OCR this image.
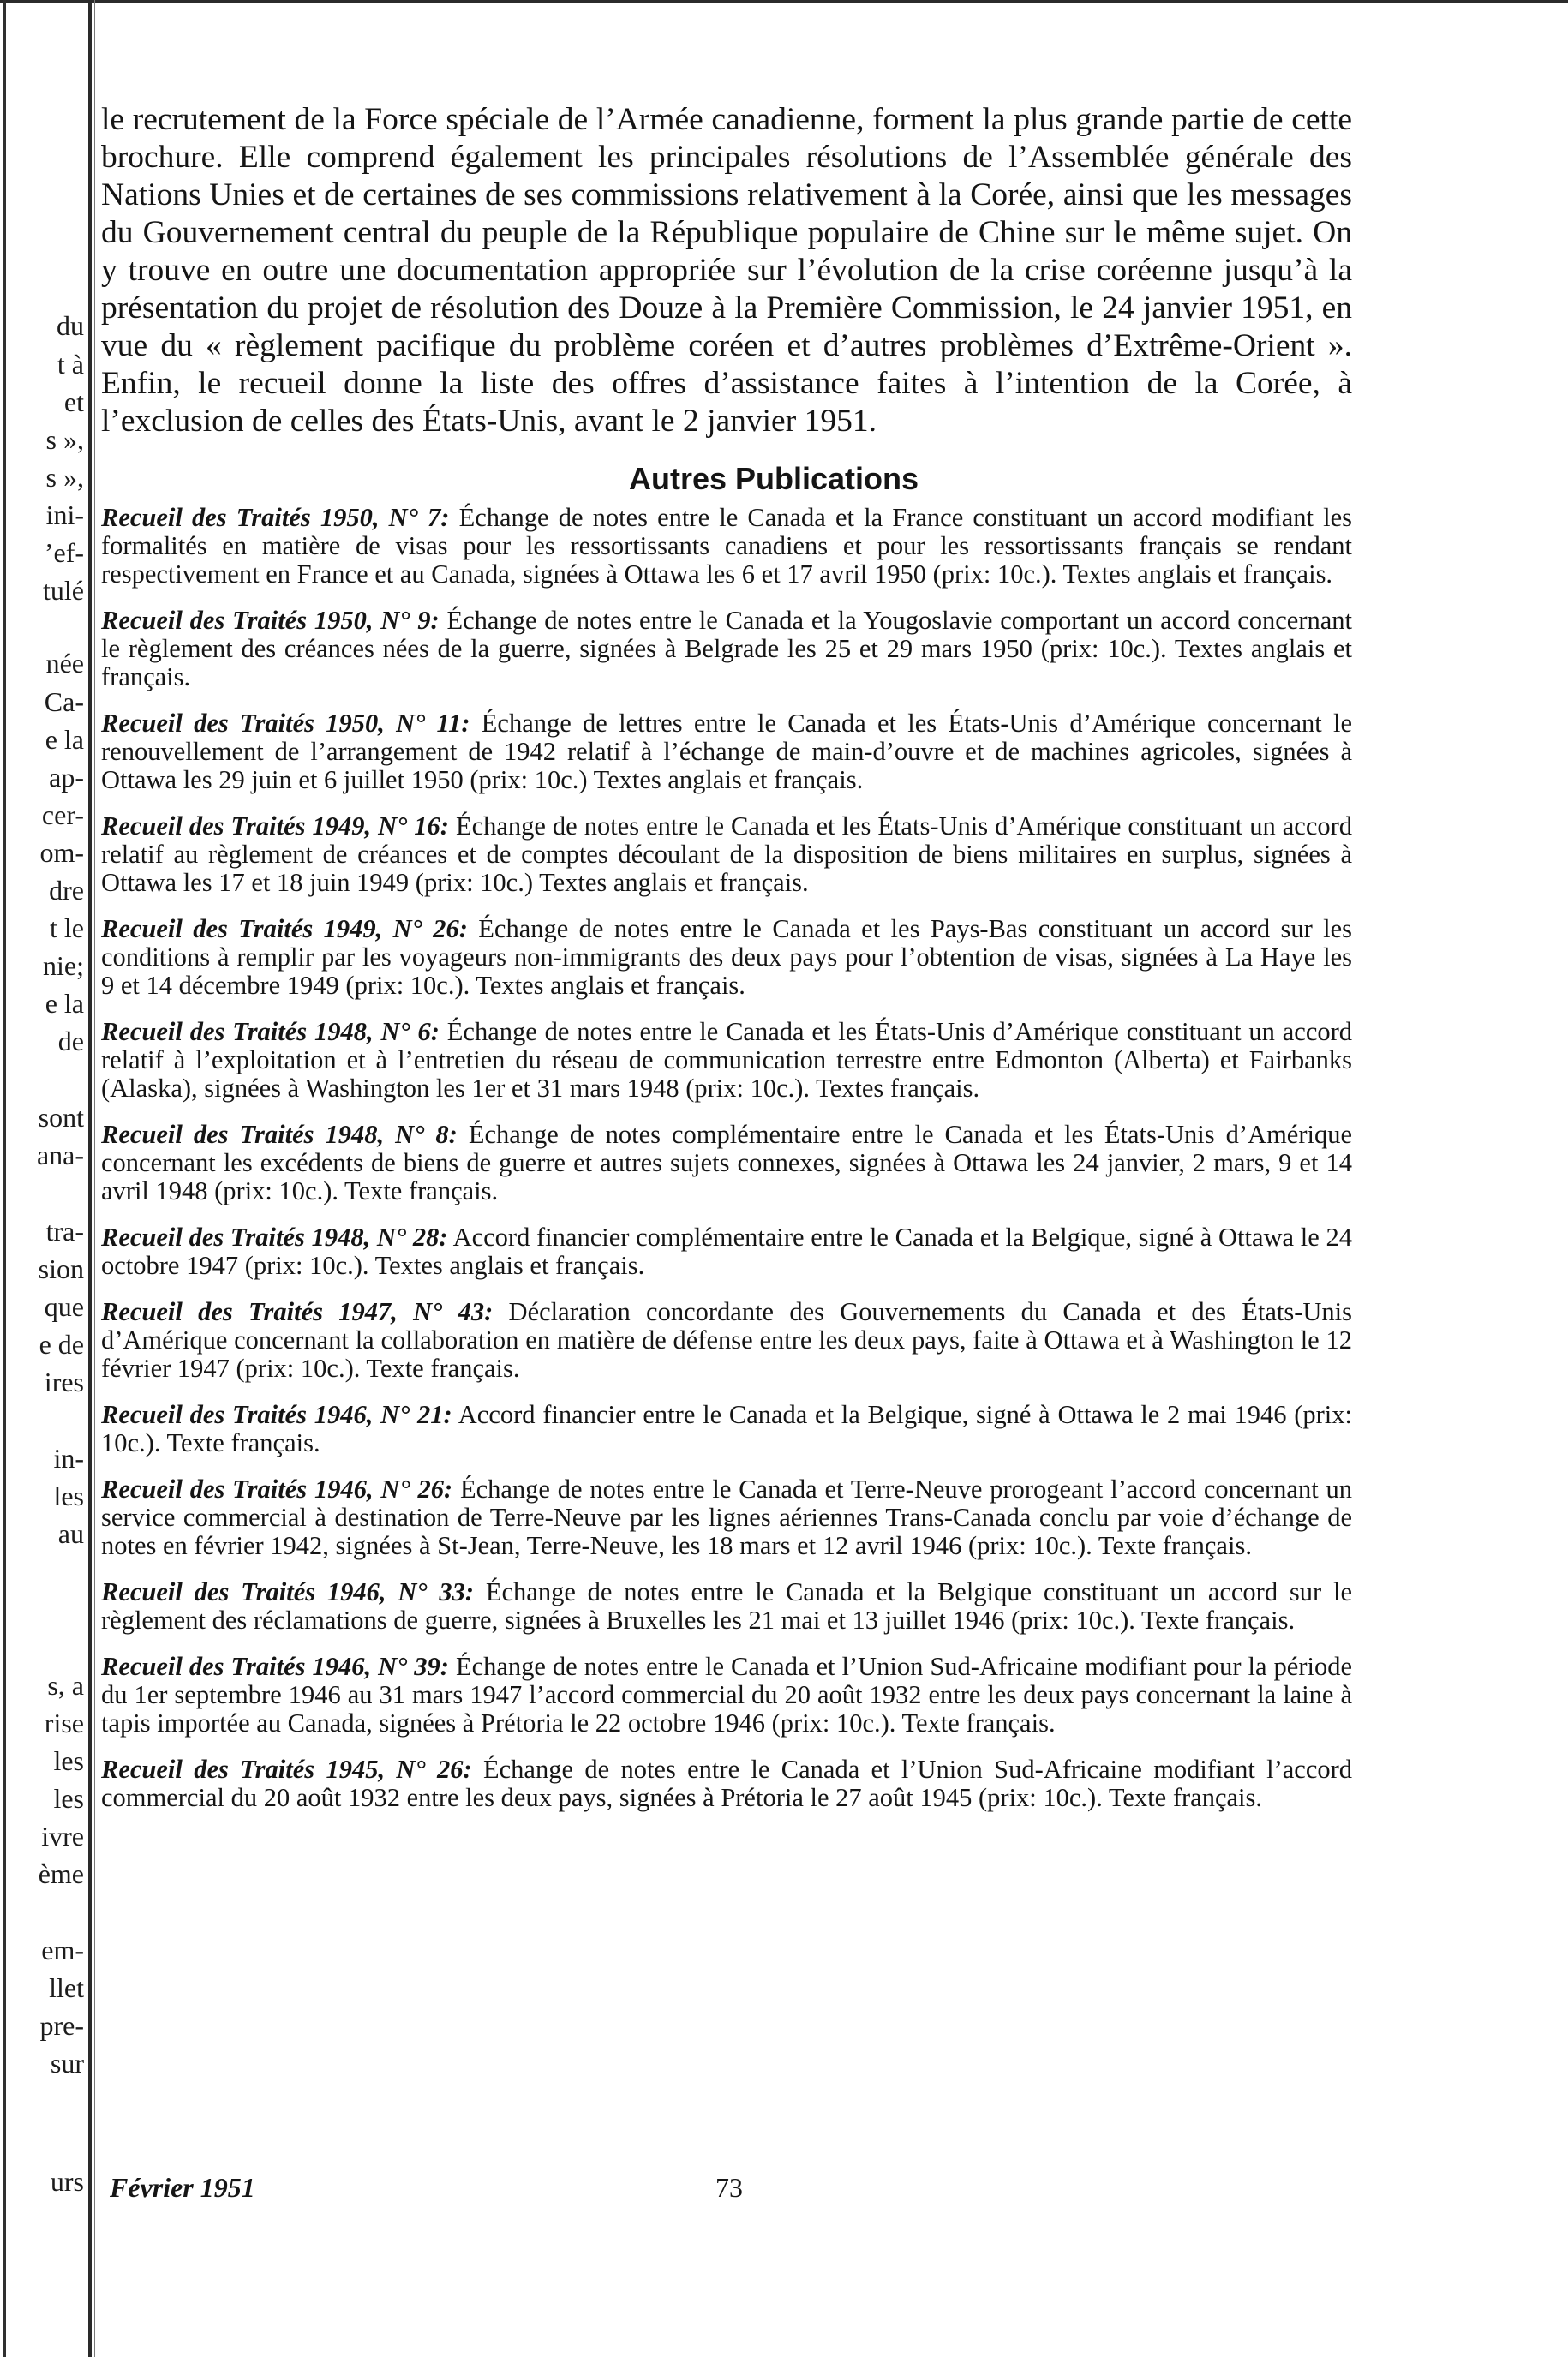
du
t à
et
s »,
s »,
ini-
’ef-
tulé
née
Ca-
e la
ap-
cer-
om-
dre
t le
nie;
e la
de
sont
ana-
tra-
sion
que
e de
ires
in-
les
au
s, a
rise
les
les
ivre
ème
em-
llet
pre-
sur
urs

le recrutement de la Force spéciale de l’Armée canadienne, forment la plus grande partie de cette brochure. Elle comprend également les principales résolutions de l’Assemblée générale des Nations Unies et de certaines de ses commissions relativement à la Corée, ainsi que les messages du Gouvernement central du peuple de la République populaire de Chine sur le même sujet. On y trouve en outre une documentation appropriée sur l’évolution de la crise coréenne jusqu’à la présentation du projet de résolution des Douze à la Première Commission, le 24 janvier 1951, en vue du « règlement pacifique du problème coréen et d’autres problèmes d’Extrême-Orient ». Enfin, le recueil donne la liste des offres d’assistance faites à l’intention de la Corée, à l’exclusion de celles des États-Unis, avant le 2 janvier 1951.

Autres Publications

Recueil des Traités 1950, N° 7: Échange de notes entre le Canada et la France constituant un accord modifiant les formalités en matière de visas pour les ressortissants canadiens et pour les ressortissants français se rendant respectivement en France et au Canada, signées à Ottawa les 6 et 17 avril 1950 (prix: 10c.). Textes anglais et français.

Recueil des Traités 1950, N° 9: Échange de notes entre le Canada et la Yougoslavie comportant un accord concernant le règlement des créances nées de la guerre, signées à Belgrade les 25 et 29 mars 1950 (prix: 10c.). Textes anglais et français.

Recueil des Traités 1950, N° 11: Échange de lettres entre le Canada et les États-Unis d’Amérique concernant le renouvellement de l’arrangement de 1942 relatif à l’échange de main-d’ouvre et de machines agricoles, signées à Ottawa les 29 juin et 6 juillet 1950 (prix: 10c.) Textes anglais et français.

Recueil des Traités 1949, N° 16: Échange de notes entre le Canada et les États-Unis d’Amérique constituant un accord relatif au règlement de créances et de comptes découlant de la disposition de biens militaires en surplus, signées à Ottawa les 17 et 18 juin 1949 (prix: 10c.) Textes anglais et français.

Recueil des Traités 1949, N° 26: Échange de notes entre le Canada et les Pays-Bas constituant un accord sur les conditions à remplir par les voyageurs non-immigrants des deux pays pour l’obtention de visas, signées à La Haye les 9 et 14 décembre 1949 (prix: 10c.). Textes anglais et français.

Recueil des Traités 1948, N° 6: Échange de notes entre le Canada et les États-Unis d’Amérique constituant un accord relatif à l’exploitation et à l’entretien du réseau de communication terrestre entre Edmonton (Alberta) et Fairbanks (Alaska), signées à Washington les 1er et 31 mars 1948 (prix: 10c.). Textes français.

Recueil des Traités 1948, N° 8: Échange de notes complémentaire entre le Canada et les États-Unis d’Amérique concernant les excédents de biens de guerre et autres sujets connexes, signées à Ottawa les 24 janvier, 2 mars, 9 et 14 avril 1948 (prix: 10c.). Texte français.

Recueil des Traités 1948, N° 28: Accord financier complémentaire entre le Canada et la Belgique, signé à Ottawa le 24 octobre 1947 (prix: 10c.). Textes anglais et français.

Recueil des Traités 1947, N° 43: Déclaration concordante des Gouvernements du Canada et des États-Unis d’Amérique concernant la collaboration en matière de défense entre les deux pays, faite à Ottawa et à Washington le 12 février 1947 (prix: 10c.). Texte français.

Recueil des Traités 1946, N° 21: Accord financier entre le Canada et la Belgique, signé à Ottawa le 2 mai 1946 (prix: 10c.). Texte français.

Recueil des Traités 1946, N° 26: Échange de notes entre le Canada et Terre-Neuve prorogeant l’accord concernant un service commercial à destination de Terre-Neuve par les lignes aériennes Trans-Canada conclu par voie d’échange de notes en février 1942, signées à St-Jean, Terre-Neuve, les 18 mars et 12 avril 1946 (prix: 10c.). Texte français.

Recueil des Traités 1946, N° 33: Échange de notes entre le Canada et la Belgique constituant un accord sur le règlement des réclamations de guerre, signées à Bruxelles les 21 mai et 13 juillet 1946 (prix: 10c.). Texte français.

Recueil des Traités 1946, N° 39: Échange de notes entre le Canada et l’Union Sud-Africaine modifiant pour la période du 1er septembre 1946 au 31 mars 1947 l’accord commercial du 20 août 1932 entre les deux pays concernant la laine à tapis importée au Canada, signées à Prétoria le 22 octobre 1946 (prix: 10c.). Texte français.

Recueil des Traités 1945, N° 26: Échange de notes entre le Canada et l’Union Sud-Africaine modifiant l’accord commercial du 20 août 1932 entre les deux pays, signées à Prétoria le 27 août 1945 (prix: 10c.). Texte français.

Février 1951	73
